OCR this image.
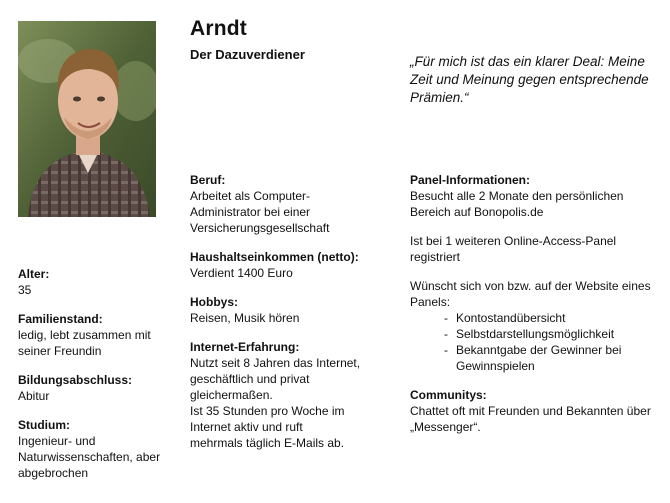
Arndt
Der Dazuverdiener	„Für mich ist das ein klarer Deal: Meine Zeit und Meinung gegen entsprechende Prämien.“
Alter:
35
Familienstand:
ledig, lebt zusammen mit
seiner Freundin
Bildungsabschluss:
Abitur
Studium:
Ingenieur- und
Naturwissenschaften, aber
abgebrochen
Beruf:
Arbeitet als Computer-
Administrator bei einer
Versicherungsgesellschaft
Haushaltseinkommen (netto):
Verdient 1400 Euro
Hobbys:
Reisen, Musik hören
Internet-Erfahrung:
Nutzt seit 8 Jahren das Internet,
geschäftlich und privat
gleichermaßen.
Ist 35 Stunden pro Woche im
Internet aktiv und ruft
mehrmals täglich E-Mails ab.
Panel-Informationen:
Besucht alle 2 Monate den persönlichen
Bereich auf Bonopolis.de
Ist bei 1 weiteren Online-Access-Panel
registriert
Wünscht sich von bzw. auf der Website eines
Panels:
- Kontostandübersicht
- Selbstdarstellungsmöglichkeit
- Bekanntgabe der Gewinner bei
Gewinnspielen
Communitys:
Chattet oft mit Freunden und Bekannten über
„Messenger“.
